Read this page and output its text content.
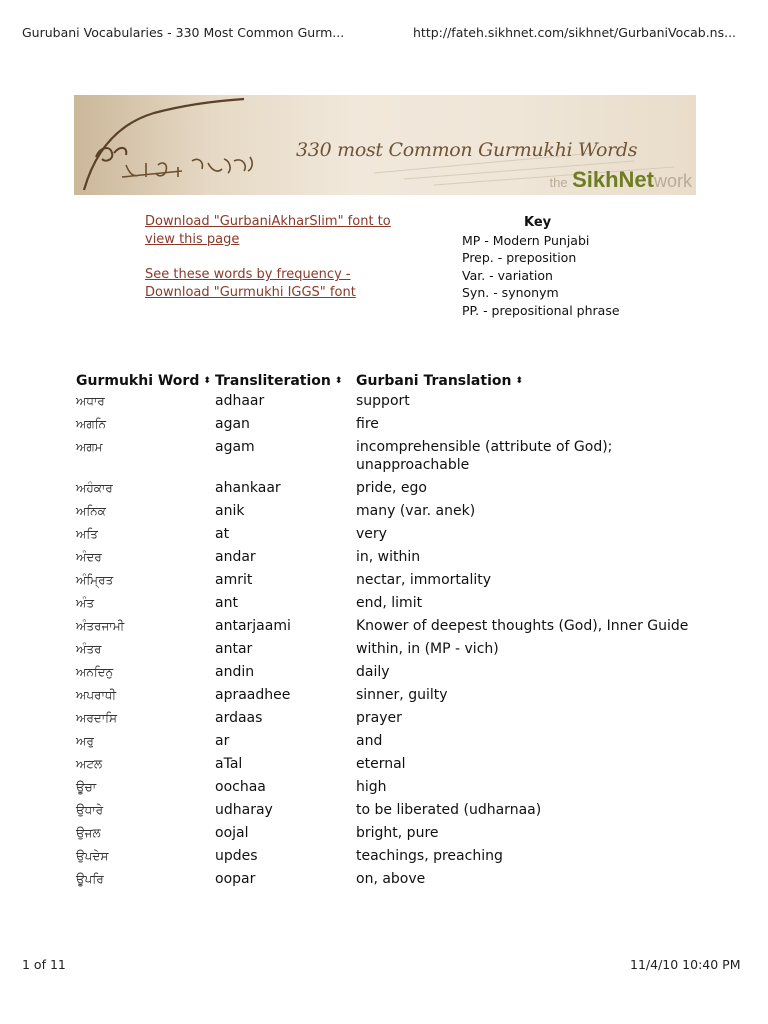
Gurubani Vocabularies - 330 Most Common Gurm...	http://fateh.sikhnet.com/sikhnet/GurbaniVocab.ns...
330 most Common Gurmukhi Words
the SikhNetwork
Download "GurbaniAkharSlim" font to view this page
See these words by frequency - Download "Gurmukhi IGGS" font
Key
MP - Modern Punjabi
Prep. - preposition
Var. - variation
Syn. - synonym
PP. - prepositional phrase
Gurmukhi Word ⬍	Transliteration ⬍	Gurbani Translation ⬍
ਅਧਾਰ	adhaar	support
ਅਗਨਿ	agan	fire
ਅਗਮ	agam	incomprehensible (attribute of God); unapproachable
ਅਹੰਕਾਰ	ahankaar	pride, ego
ਅਨਿਕ	anik	many (var. anek)
ਅਤਿ	at	very
ਅੰਦਰ	andar	in, within
ਅੰਮ੍ਰਿਤ	amrit	nectar, immortality
ਅੰਤ	ant	end, limit
ਅੰਤਰਜਾਮੀ	antarjaami	Knower of deepest thoughts (God), Inner Guide
ਅੰਤਰ	antar	within, in (MP - vich)
ਅਨਦਿਨੁ	andin	daily
ਅਪਰਾਧੀ	apraadhee	sinner, guilty
ਅਰਦਾਸਿ	ardaas	prayer
ਅਰੁ	ar	and
ਅਟਲ	aTal	eternal
ਊਚਾ	oochaa	high
ਉਧਾਰੇ	udharay	to be liberated (udharnaa)
ਉਜਲ	oojal	bright, pure
ਉਪਦੇਸ	updes	teachings, preaching
ਊਪਰਿ	oopar	on, above
1 of 11	11/4/10 10:40 PM
